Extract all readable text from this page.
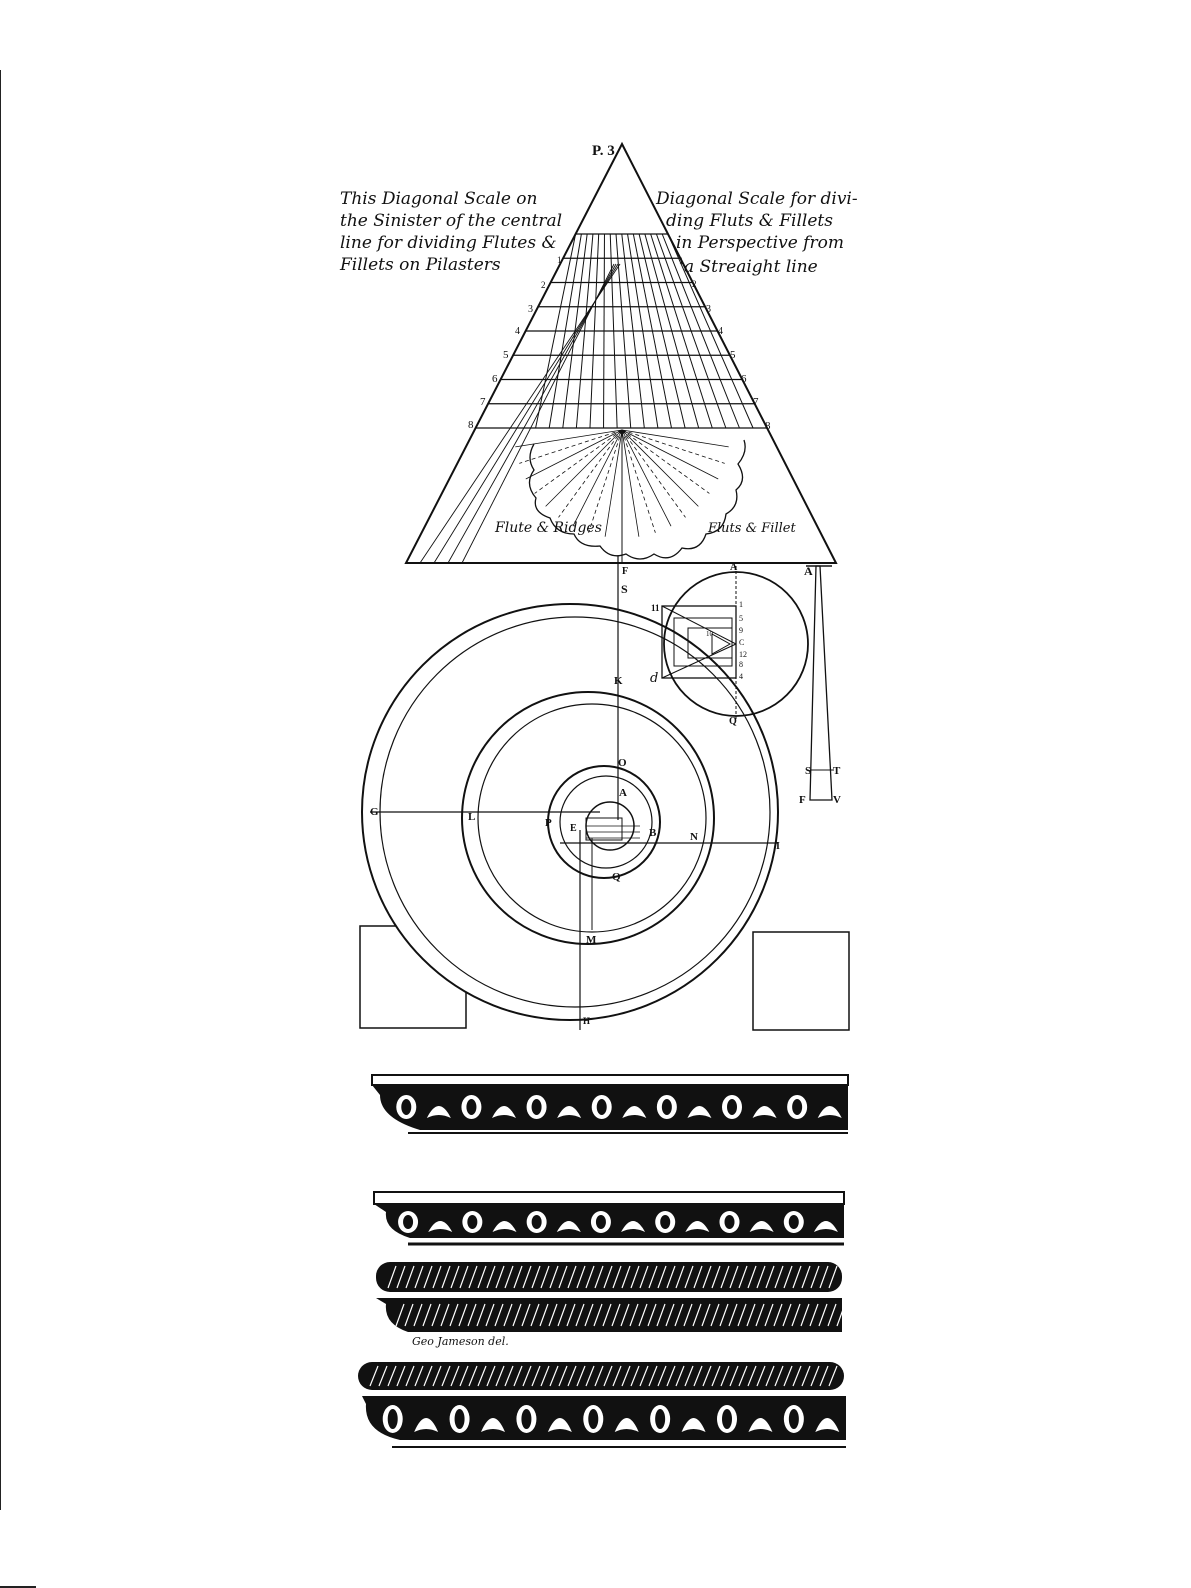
P. 3
This Diagonal Scale on
the Sinister of the central
line for dividing Flutes &
Fillets on Pilasters
Diagonal Scale for divi-
ding Fluts & Fillets
in Perspective from
a Streaight line
Flute & Ridges	Fluts & Fillet
1
2
3
4
5
6
7
8
1
2
3
4
5
6
7
8
F
S
K
O
A
G	L	P E	B	N
I
Q
M
H
A
Q
d
11	1
5
9
C
10
12
8
4
A
S T
F V
Geo Jameson del.
